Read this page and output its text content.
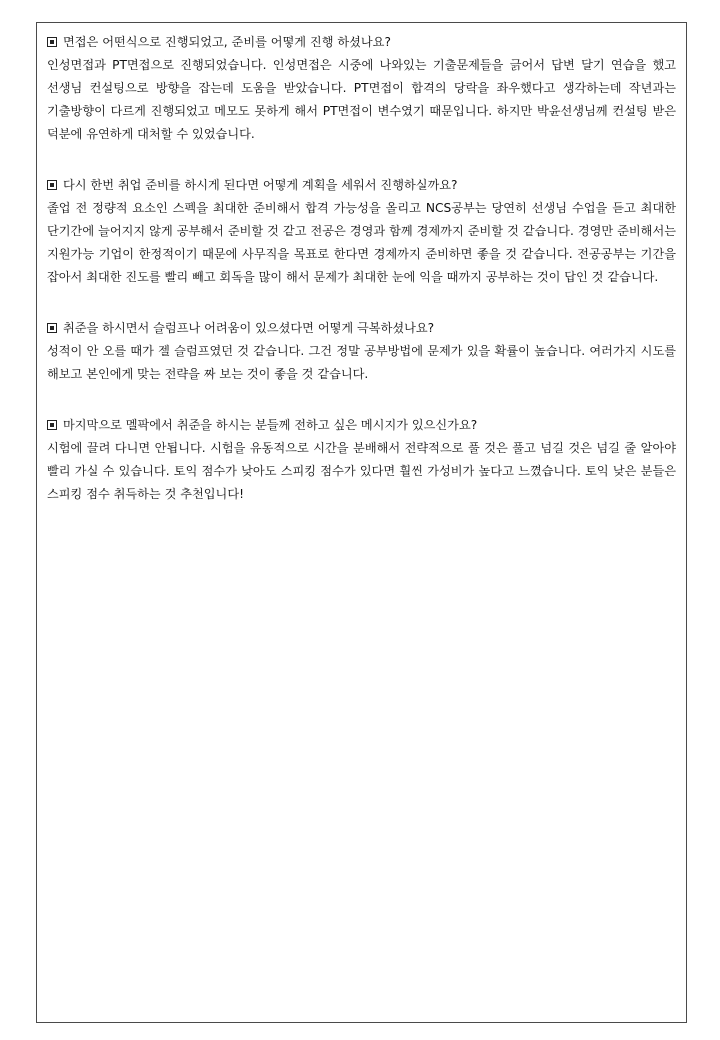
면접은 어떤식으로 진행되었고, 준비를 어떻게 진행 하셨나요?

인성면접과 PT면접으로 진행되었습니다. 인성면접은 시중에 나와있는 기출문제들을 긁어서 답변 달기 연습을 했고 선생님 컨설팅으로 방향을 잡는데 도움을 받았습니다. PT면접이 합격의 당락을 좌우했다고 생각하는데 작년과는 기출방향이 다르게 진행되었고 메모도 못하게 해서 PT면접이 변수였기 때문입니다. 하지만 박윤선생님께 컨설팅 받은 덕분에 유연하게 대처할 수 있었습니다.

다시 한번 취업 준비를 하시게 된다면 어떻게 계획을 세워서 진행하실까요?

졸업 전 정량적 요소인 스펙을 최대한 준비해서 합격 가능성을 올리고 NCS공부는 당연히 선생님 수업을 듣고 최대한 단기간에 늘어지지 않게 공부해서 준비할 것 같고 전공은 경영과 함께 경제까지 준비할 것 같습니다. 경영만 준비해서는 지원가능 기업이 한정적이기 때문에 사무직을 목표로 한다면 경제까지 준비하면 좋을 것 같습니다. 전공공부는 기간을 잡아서 최대한 진도를 빨리 빼고 회독을 많이 해서 문제가 최대한 눈에 익을 때까지 공부하는 것이 답인 것 같습니다.

취준을 하시면서 슬럼프나 어려움이 있으셨다면 어떻게 극복하셨나요?

성적이 안 오를 때가 젤 슬럼프였던 것 같습니다. 그건 정말 공부방법에 문제가 있을 확률이 높습니다. 여러가지 시도를 해보고 본인에게 맞는 전략을 짜 보는 것이 좋을 것 같습니다.

마지막으로 멜팍에서 취준을 하시는 분들께 전하고 싶은 메시지가 있으신가요?

시험에 끌려 다니면 안됩니다. 시험을 유동적으로 시간을 분배해서 전략적으로 풀 것은 풀고 넘길 것은 넘길 줄 알아야 빨리 가실 수 있습니다. 토익 점수가 낮아도 스피킹 점수가 있다면 훨씬 가성비가 높다고 느꼈습니다. 토익 낮은 분들은 스피킹 점수 취득하는 것 추천입니다!
